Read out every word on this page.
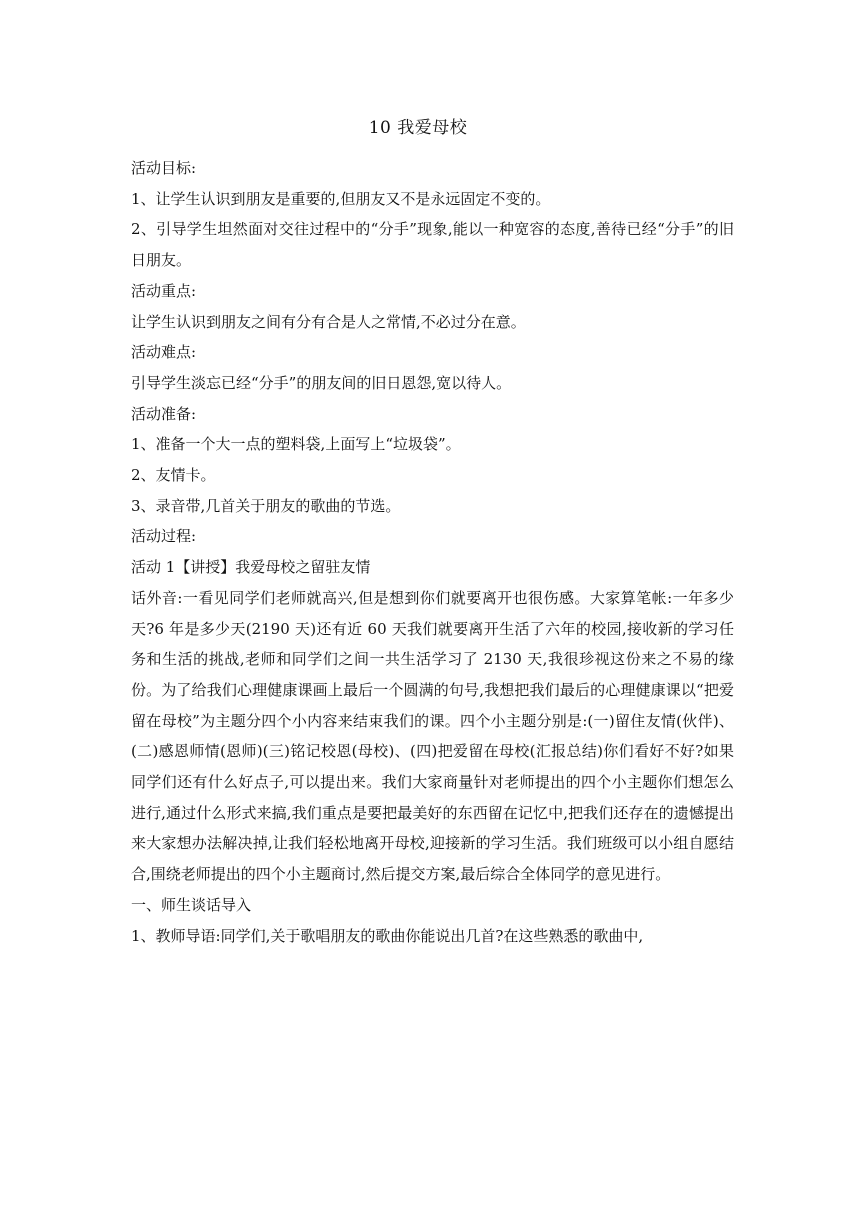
10 我爱母校

活动目标:

1、让学生认识到朋友是重要的,但朋友又不是永远固定不变的。

2、引导学生坦然面对交往过程中的“分手”现象,能以一种宽容的态度,善待已经“分手”的旧日朋友。

活动重点:

让学生认识到朋友之间有分有合是人之常情,不必过分在意。

活动难点:

引导学生淡忘已经“分手”的朋友间的旧日恩怨,宽以待人。

活动准备:

1、准备一个大一点的塑料袋,上面写上“垃圾袋”。

2、友情卡。

3、录音带,几首关于朋友的歌曲的节选。

活动过程:

活动 1【讲授】我爱母校之留驻友情

话外音:一看见同学们老师就高兴,但是想到你们就要离开也很伤感。大家算笔帐:一年多少天?6 年是多少天(2190 天)还有近 60 天我们就要离开生活了六年的校园,接收新的学习任务和生活的挑战,老师和同学们之间一共生活学习了 2130 天,我很珍视这份来之不易的缘份。为了给我们心理健康课画上最后一个圆满的句号,我想把我们最后的心理健康课以“把爱留在母校”为主题分四个小内容来结束我们的课。四个小主题分别是:(一)留住友情(伙伴)、(二)感恩师情(恩师)(三)铭记校恩(母校)、(四)把爱留在母校(汇报总结)你们看好不好?如果同学们还有什么好点子,可以提出来。我们大家商量针对老师提出的四个小主题你们想怎么进行,通过什么形式来搞,我们重点是要把最美好的东西留在记忆中,把我们还存在的遗憾提出来大家想办法解决掉,让我们轻松地离开母校,迎接新的学习生活。我们班级可以小组自愿结合,围绕老师提出的四个小主题商讨,然后提交方案,最后综合全体同学的意见进行。

一、师生谈话导入

1、教师导语:同学们,关于歌唱朋友的歌曲你能说出几首?在这些熟悉的歌曲中,
